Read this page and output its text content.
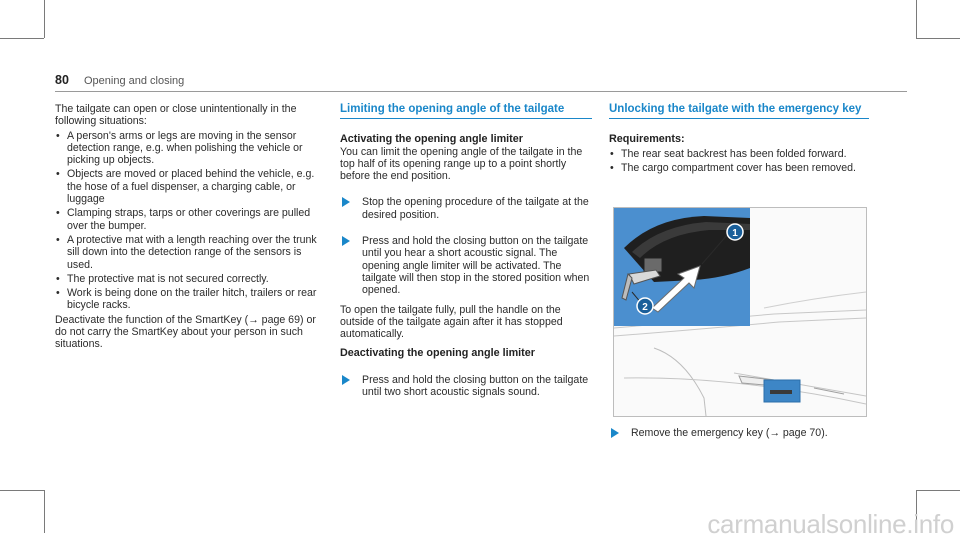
80 Opening and closing

The tailgate can open or close unintentionally in the following situations:

• A person's arms or legs are moving in the sensor detection range, e.g. when polishing the vehicle or picking up objects.
• Objects are moved or placed behind the vehicle, e.g. the hose of a fuel dispenser, a charging cable, or luggage
• Clamping straps, tarps or other coverings are pulled over the bumper.
• A protective mat with a length reaching over the trunk sill down into the detection range of the sensors is used.
• The protective mat is not secured correctly.
• Work is being done on the trailer hitch, trailers or rear bicycle racks.

Deactivate the function of the SmartKey (→ page 69) or do not carry the SmartKey about your person in such situations.

Limiting the opening angle of the tailgate
Activating the opening angle limiter

You can limit the opening angle of the tailgate in the top half of its opening range up to a point shortly before the end position.

Stop the opening procedure of the tailgate at the desired position.
Press and hold the closing button on the tailgate until you hear a short acoustic signal. The opening angle limiter will be activated. The tailgate will then stop in the stored position when opened.

To open the tailgate fully, pull the handle on the outside of the tailgate again after it has stopped automatically.

Deactivating the opening angle limiter
Press and hold the closing button on the tailgate until two short acoustic signals sound.
Unlocking the tailgate with the emergency key
Requirements:
• The rear seat backrest has been folded forward.
• The cargo compartment cover has been removed.
1
2
Remove the emergency key (→ page 70).
carmanualsonline.info
